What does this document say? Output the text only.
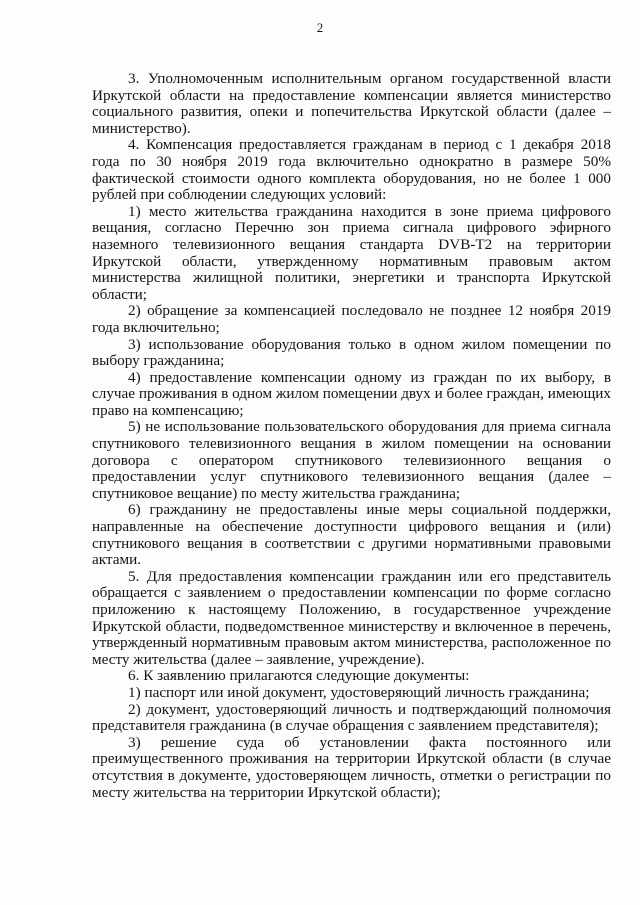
2

3. Уполномоченным исполнительным органом государственной власти Иркутской области на предоставление компенсации является министерство социального развития, опеки и попечительства Иркутской области (далее – министерство).

4. Компенсация предоставляется гражданам в период с 1 декабря 2018 года по 30 ноября 2019 года включительно однократно в размере 50% фактической стоимости одного комплекта оборудования, но не более 1 000 рублей при соблюдении следующих условий:

1) место жительства гражданина находится в зоне приема цифрового вещания, согласно Перечню зон приема сигнала цифрового эфирного наземного телевизионного вещания стандарта DVB-T2 на территории Иркутской области, утвержденному нормативным правовым актом министерства жилищной политики, энергетики и транспорта Иркутской области;

2) обращение за компенсацией последовало не позднее 12 ноября 2019 года включительно;

3) использование оборудования только в одном жилом помещении по выбору гражданина;

4) предоставление компенсации одному из граждан по их выбору, в случае проживания в одном жилом помещении двух и более граждан, имеющих право на компенсацию;

5) не использование пользовательского оборудования для приема сигнала спутникового телевизионного вещания в жилом помещении на основании договора с оператором спутникового телевизионного вещания о предоставлении услуг спутникового телевизионного вещания (далее – спутниковое вещание) по месту жительства гражданина;

6) гражданину не предоставлены иные меры социальной поддержки, направленные на обеспечение доступности цифрового вещания и (или) спутникового вещания в соответствии с другими нормативными правовыми актами.

5. Для предоставления компенсации гражданин или его представитель обращается с заявлением о предоставлении компенсации по форме согласно приложению к настоящему Положению, в государственное учреждение Иркутской области, подведомственное министерству и включенное в перечень, утвержденный нормативным правовым актом министерства, расположенное по месту жительства (далее – заявление, учреждение).

6. К заявлению прилагаются следующие документы:

1) паспорт или иной документ, удостоверяющий личность гражданина;

2) документ, удостоверяющий личность и подтверждающий полномочия представителя гражданина (в случае обращения с заявлением представителя);

3) решение суда об установлении факта постоянного или преимущественного проживания на территории Иркутской области (в случае отсутствия в документе, удостоверяющем личность, отметки о регистрации по месту жительства на территории Иркутской области);
